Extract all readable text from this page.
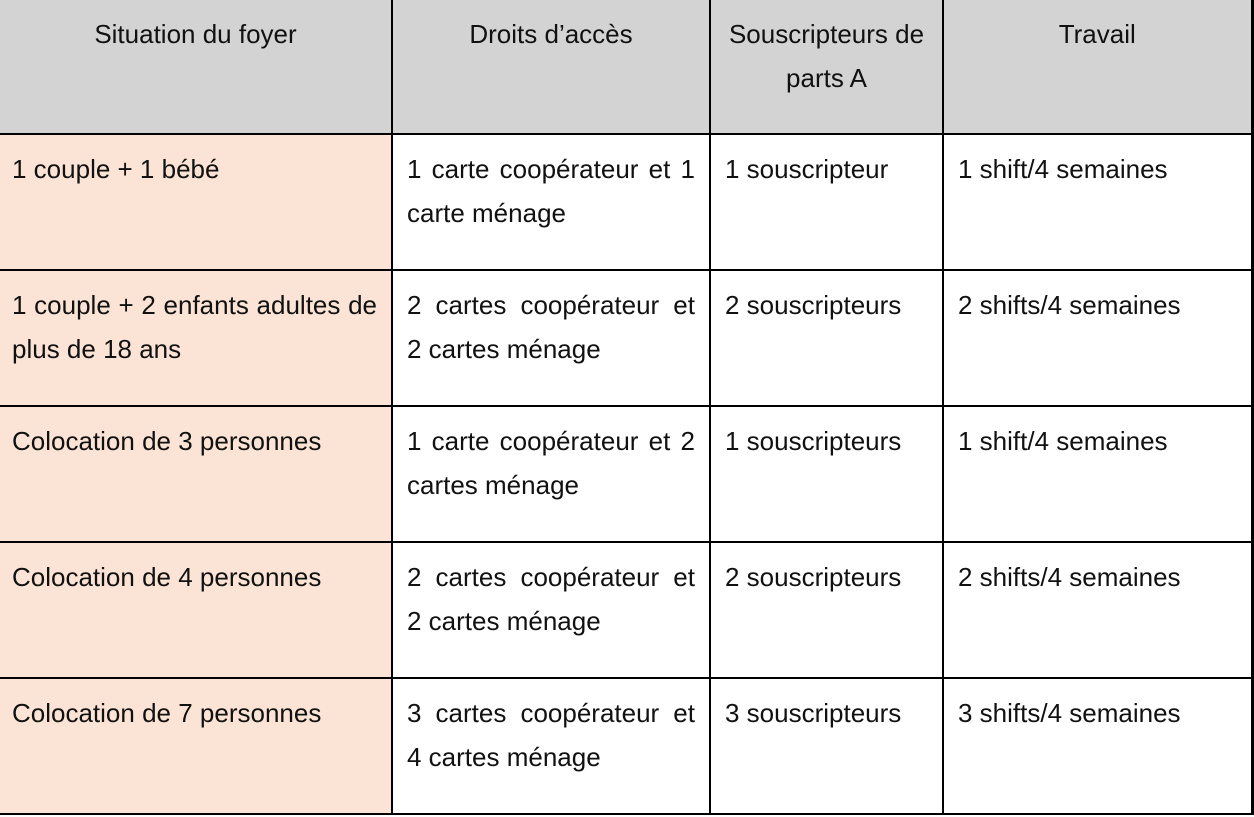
Situation du foyer	Droits d’accès	Souscripteurs de parts A	Travail
1 couple + 1 bébé	1 carte coopérateur et 1 carte ménage	1 souscripteur	1 shift/4 semaines
1 couple + 2 enfants adultes de plus de 18 ans	2 cartes coopérateur et 2 cartes ménage	2 souscripteurs	2 shifts/4 semaines
Colocation de 3 personnes	1 carte coopérateur et 2 cartes ménage	1 souscripteurs	1 shift/4 semaines
Colocation de 4 personnes	2 cartes coopérateur et 2 cartes ménage	2 souscripteurs	2 shifts/4 semaines
Colocation de 7 personnes	3 cartes coopérateur et 4 cartes ménage	3 souscripteurs	3 shifts/4 semaines
